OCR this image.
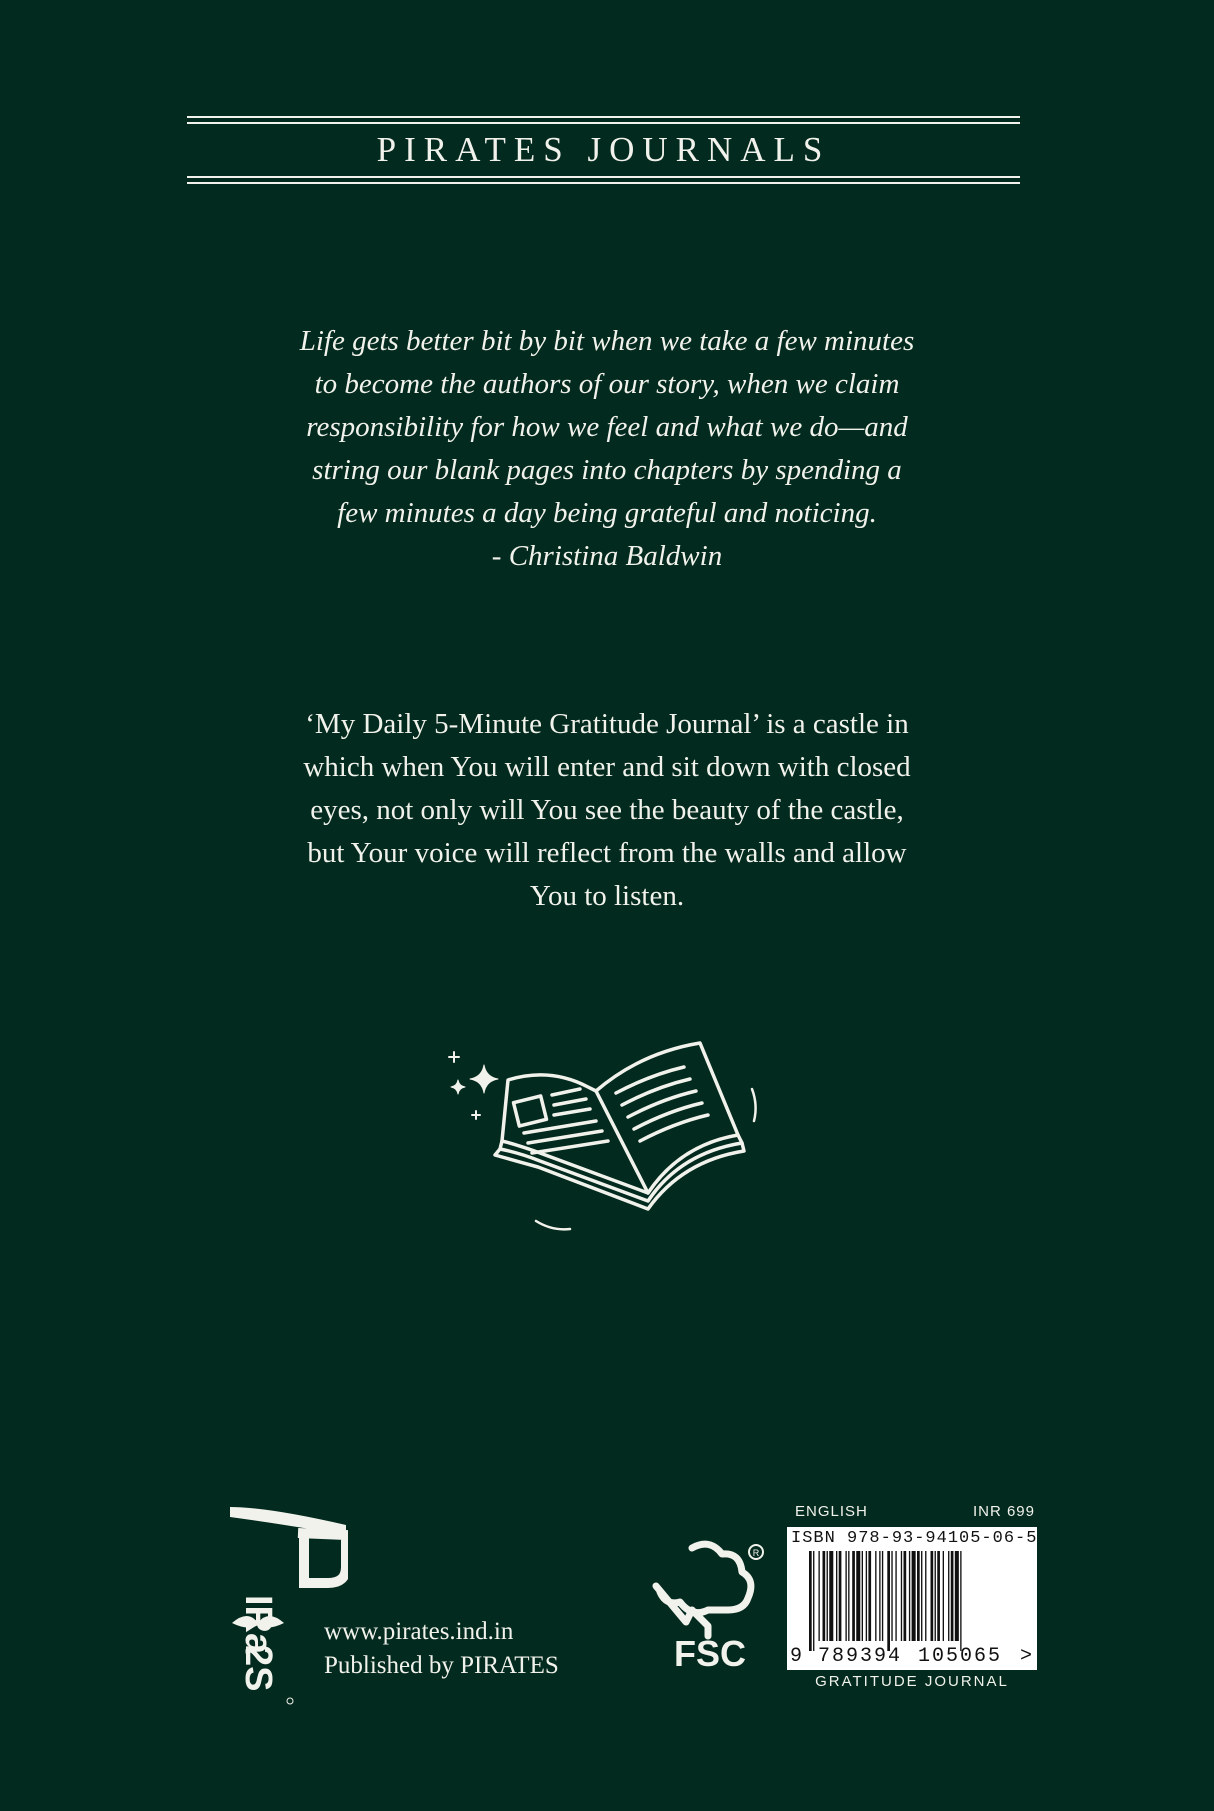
PIRATES JOURNALS

Life gets better bit by bit when we take a few minutes

to become the authors of our story, when we claim

responsibility for how we feel and what we do—and

string our blank pages into chapters by spending a

few minutes a day being grateful and noticing.

- Christina Baldwin

‘My Daily 5-Minute Gratitude Journal’ is a castle in

which when You will enter and sit down with closed

eyes, not only will You see the beauty of the castle,

but Your voice will reflect from the walls and allow

You to listen.

IRa
2S
www.pirates.ind.in
Published by PIRATES
R
FSC
ENGLISH	INR 699
ISBN 978-93-94105-06-5
9 789394 105065 >
GRATITUDE JOURNAL
